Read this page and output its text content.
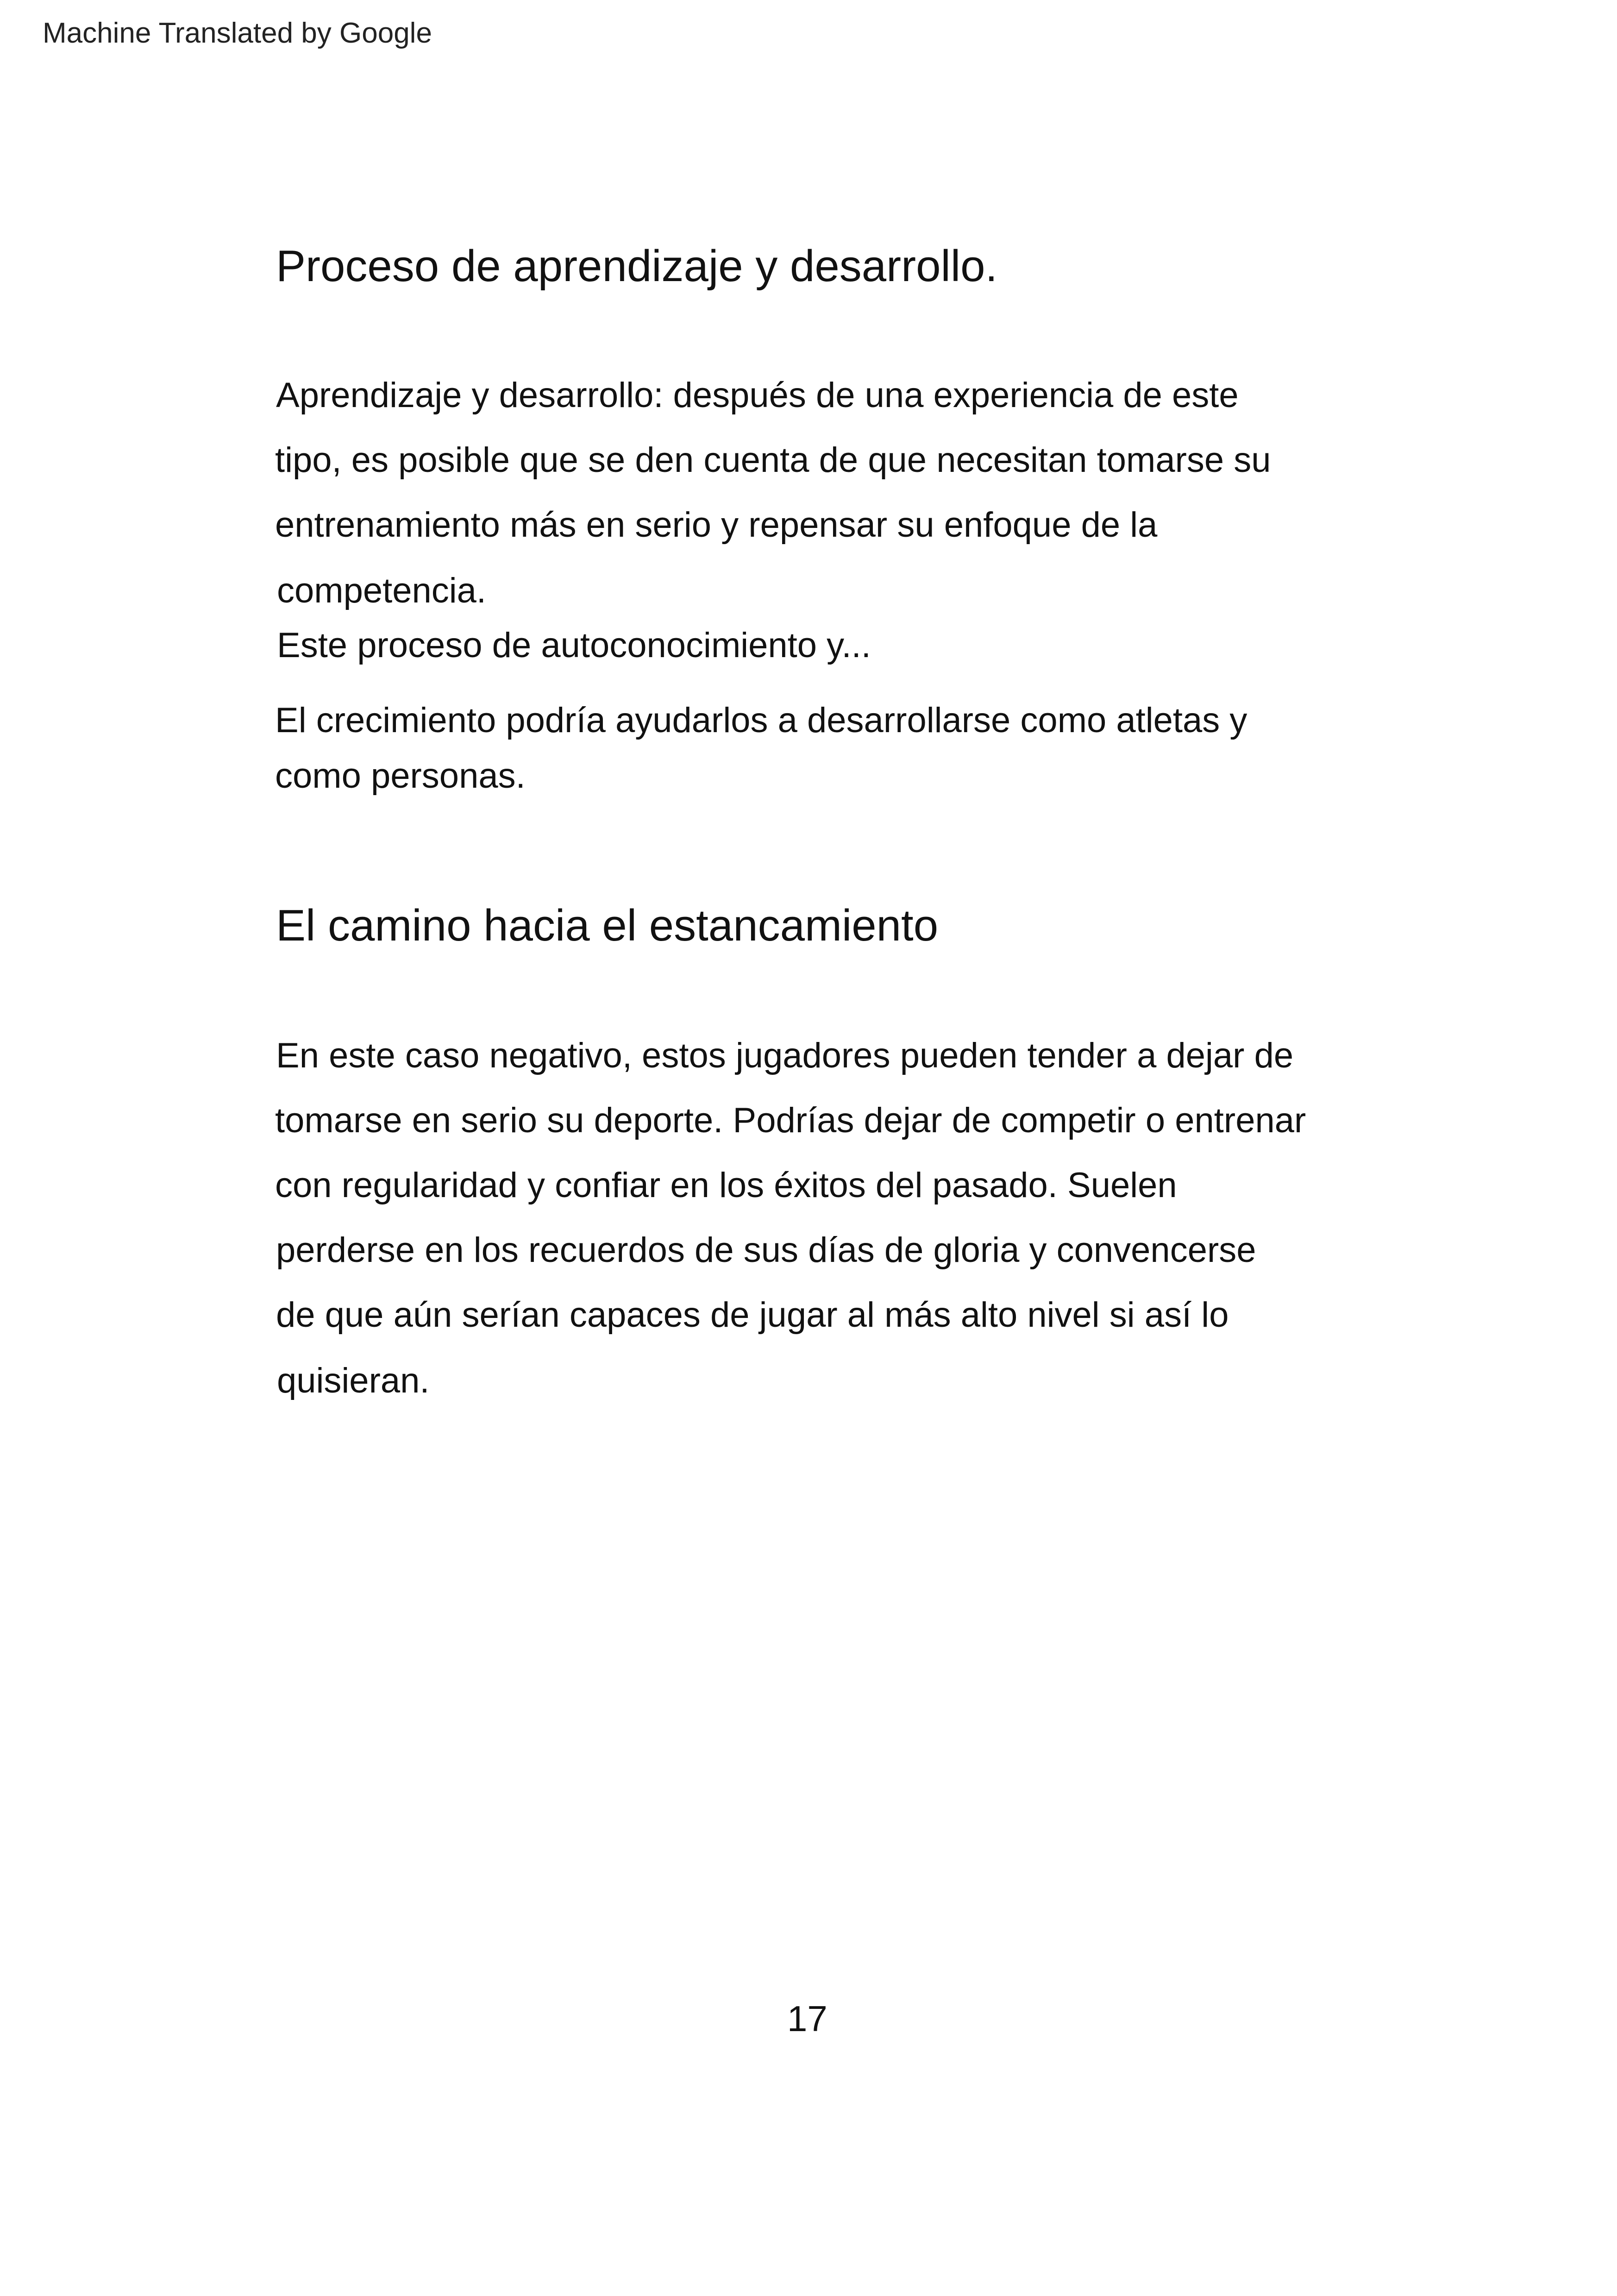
Machine Translated by Google
Proceso de aprendizaje y desarrollo.
Aprendizaje y desarrollo: después de una experiencia de este
tipo, es posible que se den cuenta de que necesitan tomarse su
entrenamiento más en serio y repensar su enfoque de la
competencia.
Este proceso de autoconocimiento y...
El crecimiento podría ayudarlos a desarrollarse como atletas y
como personas.
El camino hacia el estancamiento
En este caso negativo, estos jugadores pueden tender a dejar de
tomarse en serio su deporte. Podrías dejar de competir o entrenar
con regularidad y confiar en los éxitos del pasado. Suelen
perderse en los recuerdos de sus días de gloria y convencerse
de que aún serían capaces de jugar al más alto nivel si así lo
quisieran.
17
